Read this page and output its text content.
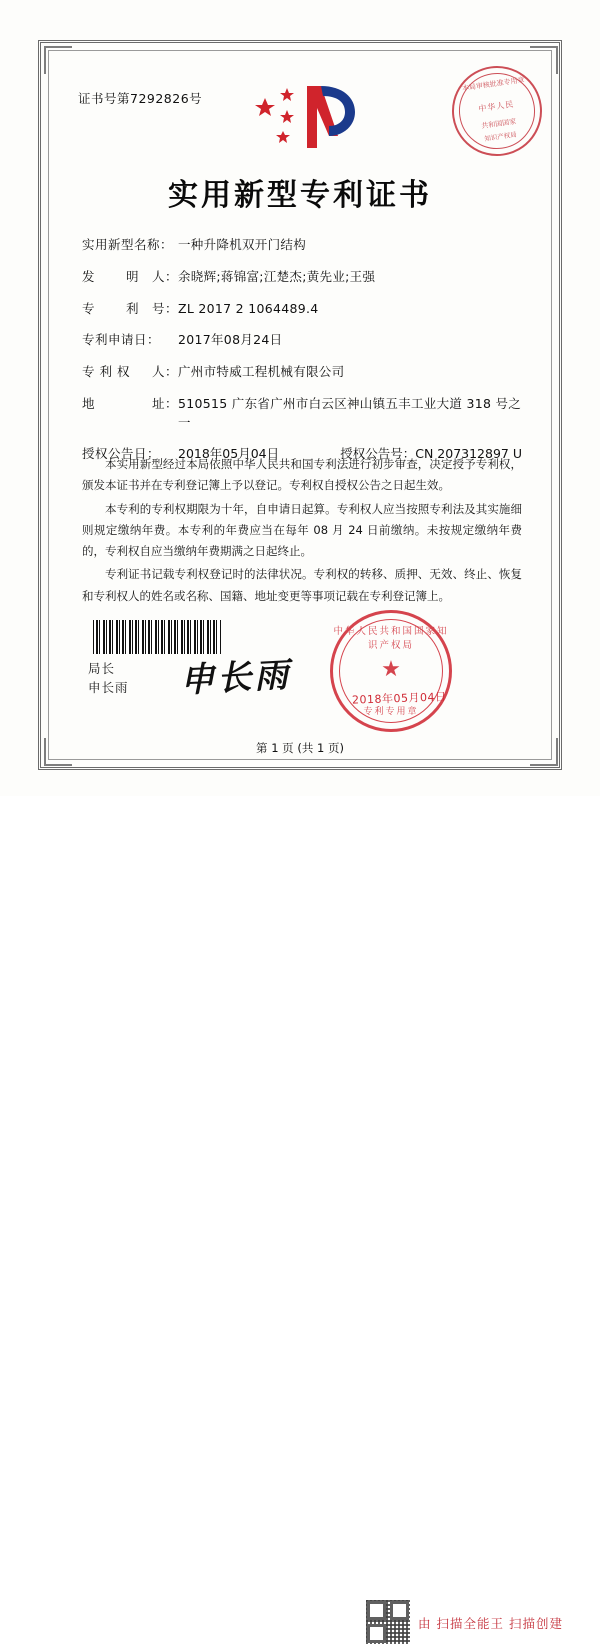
证书号第7292826号
本局审核批准专用章
中华人民
共和国国家
知识产权局
实用新型专利证书
实用新型名称： 一种升降机双开门结构
发 明　人： 余晓辉;蒋锦富;江楚杰;黄先业;王强
专 利　号： ZL 2017 2 1064489.4
专利申请日：	2017年08月24日
专 利 权 人： 广州市特威工程机械有限公司
地	址： 510515 广东省广州市白云区神山镇五丰工业大道 318 号之一
授权公告日：	2018年05月04日	授权公告号：CN 207312897 U

本实用新型经过本局依照中华人民共和国专利法进行初步审查，决定授予专利权，颁发本证书并在专利登记簿上予以登记。专利权自授权公告之日起生效。

本专利的专利权期限为十年，自申请日起算。专利权人应当按照专利法及其实施细则规定缴纳年费。本专利的年费应当在每年 08 月 24 日前缴纳。未按规定缴纳年费的，专利权自应当缴纳年费期满之日起终止。

专利证书记载专利权登记时的法律状况。专利权的转移、质押、无效、终止、恢复和专利权人的姓名或名称、国籍、地址变更等事项记载在专利登记簿上。

局长
申长雨 申长雨
中华人民共和国国家知识产权局
★
专利专用章
2018年05月04日
第 1 页 (共 1 页)
由 扫描全能王 扫描创建
